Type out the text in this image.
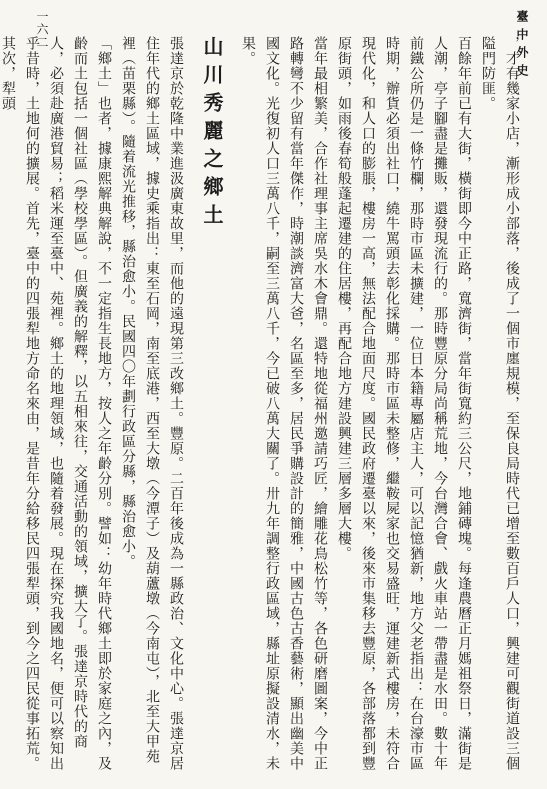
臺中外史
一六二

，才有幾家小店，漸形成小部落，後成了一個市廛規模，至保良局時代已增至數百戶人口，興建可觀街道設三個隘門防匪。

百餘年前已有大街，橫街即今中正路，寬濟街，當年街寬約三公尺，地鋪磚塊。每逢農曆正月媽祖祭日，滿街是人潮，亭子腳盡是攤販，還發現流行的。那時豐原分局尚稱荒地，今台灣合會、戲火車站一帶盡是水田。數十年前鐵公所仍是一條竹欄，那時市區未擴建，一位日本籍專屬店主人，可以記憶猶新，地方父老指出：在台濠市區時期，辦貨必須出社口，繞牛罵頭去彰化採購。那時市區未整修，繼鞍屍家也交易盛旺，運建新式樓房，未符合現代化，和人口的膨脹，樓房一高，無法配合地面尺度。國民政府遷臺以來，後來市集移去豐原，各部落都到豐原街頭，如雨後春筍般蓬起遷建的住居樓，再配合地方建設興建三層多層大樓。

當年最相繁美，合作社理事主席吳水木會鼎。還特地從福州邀請巧匠，繪雕花鳥松竹等，各色研磨圖案，今中正路轉彎不少留有當年傑作，時潮談濟富大爸，名區至多，居民爭購設計的簡雅，中國古色古香藝術，顯出幽美中國文化。光復初人口三萬八千，嗣至三萬八千，今已破八萬大關了。卅九年調整行政區域，縣址原擬設清水，未果。

山川秀麗之鄉土

張達京於乾隆中業進汲廣東故里，而他的遠現第三改鄉土。豐原。二百年後成為一縣政治、文化中心。張達京居住年代的鄉土區域，據史乘指出：東至石岡，南至底港，西至大墩（今潭子）及葫蘆墩（今南屯），北至大甲苑裡（苗栗縣）。隨着流光推移，縣治愈小。民國四〇年劃行政區分縣，縣治愈小。

「鄉土」也者，據康熙解典解說，不一定指生長地方，按人之年齡分別。譬如：幼年時代鄉土即於家庭之內，及齡而土包括一個社區（學校學區）。但廣義的解釋，以五相來往，交通活動的領域，擴大了。張達京時代的商人，必須赴廣港貿易；稻米運至臺中、苑裡。鄉土的地理領域，也隨着發展。現在探究我國地名，便可以察知出乎昔時，土地何的擴展。首先，臺中的四張犁地方命名來由，是昔年分給移民四張犁頭，到今之四民從事拓荒。其次，犁頭
